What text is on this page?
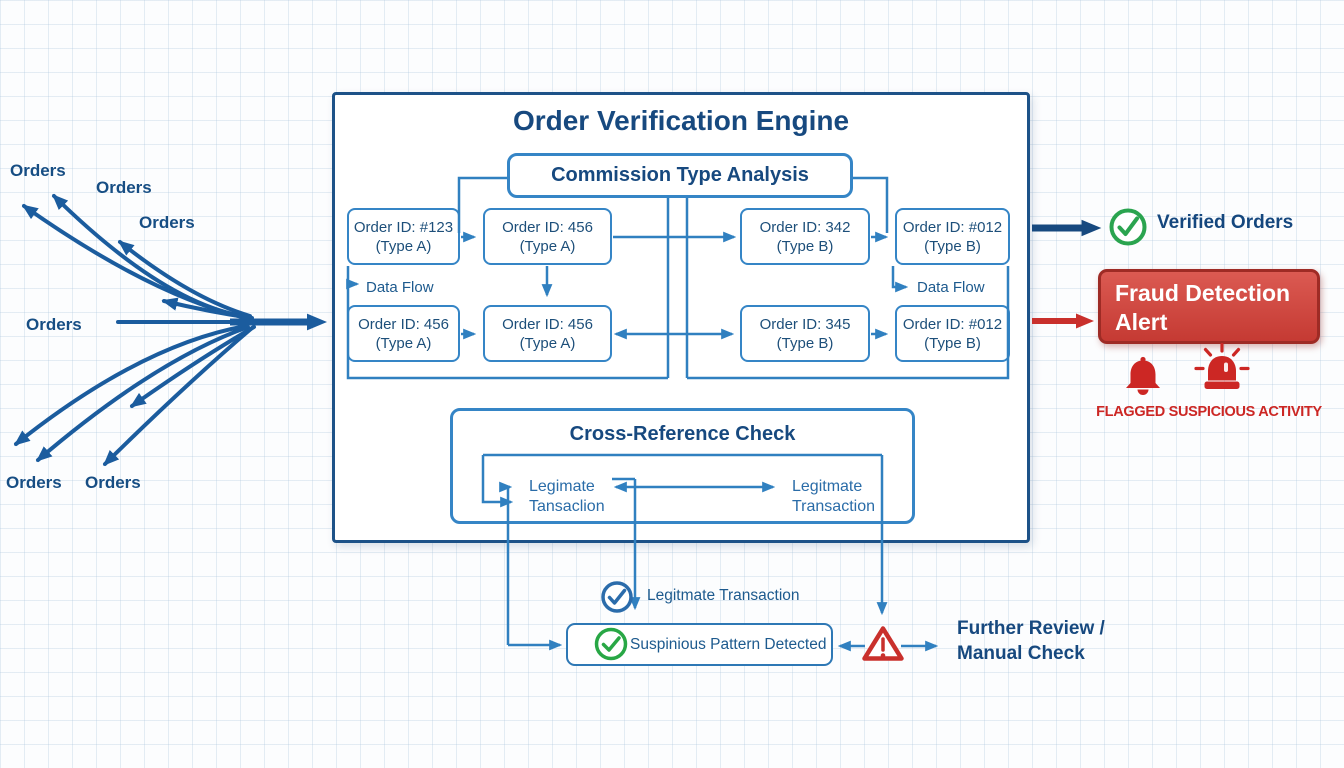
Orders
Orders
Orders
Orders
Orders Orders
Order Verification Engine
Commission Type Analysis
Order ID: #123
(Type A)
Order ID: 456
(Type A)
Order ID: 342
(Type B)
Order ID: #012
(Type B)
Data Flow	Data Flow
Order ID: 456
(Type A)
Order ID: 456
(Type A)
Order ID: 345
(Type B)
Order ID: #012
(Type B)
Cross-Reference Check
Legimate
Tansaclion
Legitmate
Transaction
Legitmate Transaction
Suspinious Pattern Detected
Further Review /
Manual Check
Verified Orders
Fraud Detection
Alert
FLAGGED SUSPICIOUS ACTIVITY
